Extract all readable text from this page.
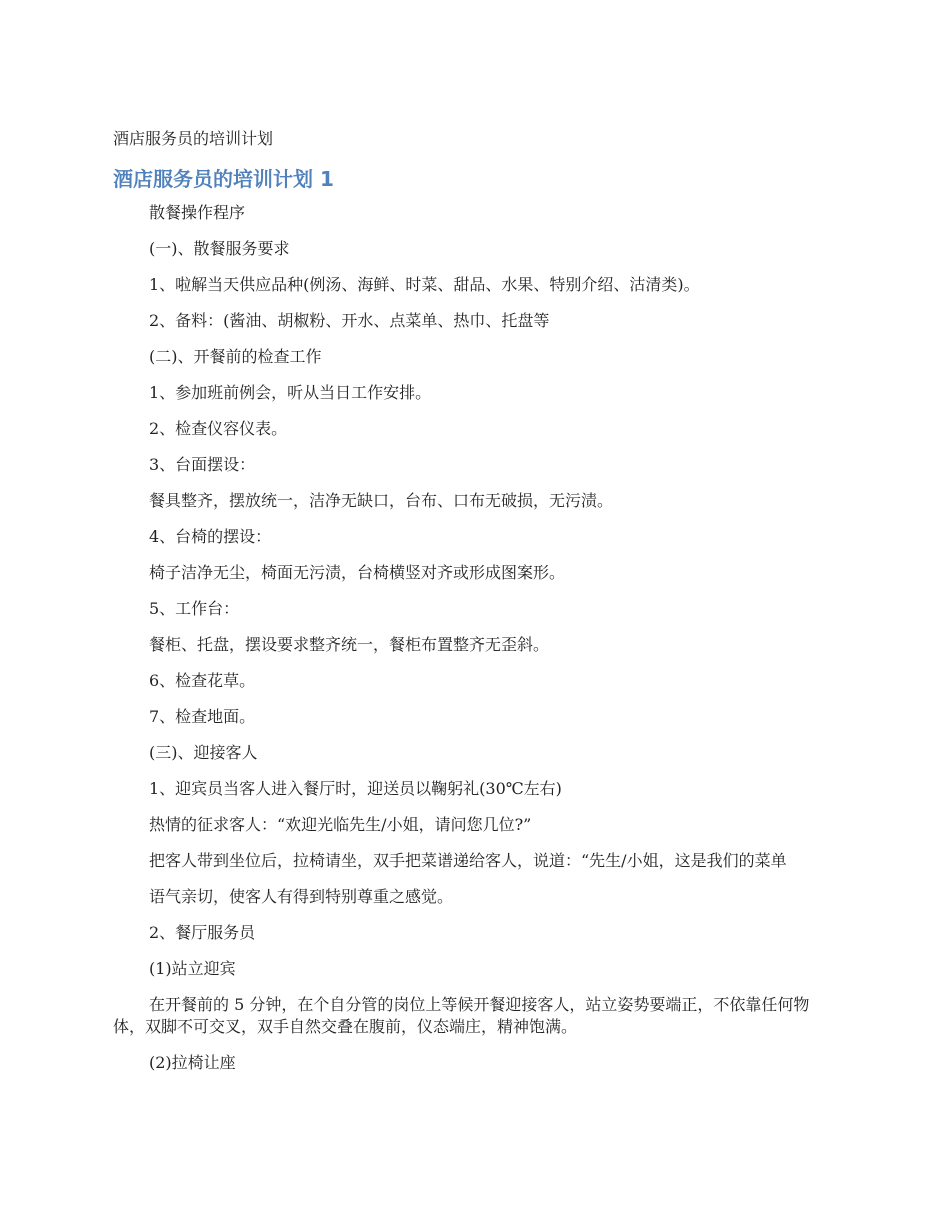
酒店服务员的培训计划
酒店服务员的培训计划 1

散餐操作程序

(一)、散餐服务要求

1、啦解当天供应品种(例汤、海鲜、时菜、甜品、水果、特别介绍、沽清类)。

2、备料：(酱油、胡椒粉、开水、点菜单、热巾、托盘等

(二)、开餐前的检查工作

1、参加班前例会，听从当日工作安排。

2、检查仪容仪表。

3、台面摆设：

餐具整齐，摆放统一，洁净无缺口，台布、口布无破损，无污渍。

4、台椅的摆设：

椅子洁净无尘，椅面无污渍，台椅横竖对齐或形成图案形。

5、工作台：

餐柜、托盘，摆设要求整齐统一，餐柜布置整齐无歪斜。

6、检查花草。

7、检查地面。

(三)、迎接客人

1、迎宾员当客人进入餐厅时，迎送员以鞠躬礼(30℃左右)

热情的征求客人：“欢迎光临先生/小姐，请问您几位?”

把客人带到坐位后，拉椅请坐，双手把菜谱递给客人，说道：“先生/小姐，这是我们的菜单

语气亲切，使客人有得到特别尊重之感觉。

2、餐厅服务员

(1)站立迎宾

在开餐前的 5 分钟，在个自分管的岗位上等候开餐迎接客人，站立姿势要端正，不依靠任何物体，双脚不可交叉，双手自然交叠在腹前，仪态端庄，精神饱满。

(2)拉椅让座
